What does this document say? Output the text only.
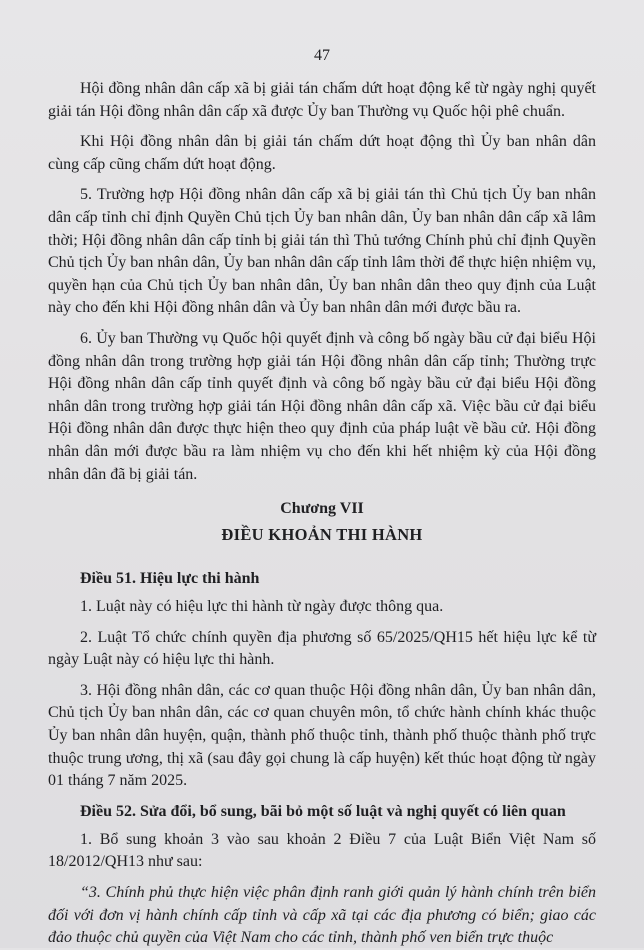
47

Hội đồng nhân dân cấp xã bị giải tán chấm dứt hoạt động kể từ ngày nghị quyết giải tán Hội đồng nhân dân cấp xã được Ủy ban Thường vụ Quốc hội phê chuẩn.

Khi Hội đồng nhân dân bị giải tán chấm dứt hoạt động thì Ủy ban nhân dân cùng cấp cũng chấm dứt hoạt động.

5. Trường hợp Hội đồng nhân dân cấp xã bị giải tán thì Chủ tịch Ủy ban nhân dân cấp tỉnh chỉ định Quyền Chủ tịch Ủy ban nhân dân, Ủy ban nhân dân cấp xã lâm thời; Hội đồng nhân dân cấp tỉnh bị giải tán thì Thủ tướng Chính phủ chỉ định Quyền Chủ tịch Ủy ban nhân dân, Ủy ban nhân dân cấp tỉnh lâm thời để thực hiện nhiệm vụ, quyền hạn của Chủ tịch Ủy ban nhân dân, Ủy ban nhân dân theo quy định của Luật này cho đến khi Hội đồng nhân dân và Ủy ban nhân dân mới được bầu ra.

6. Ủy ban Thường vụ Quốc hội quyết định và công bố ngày bầu cử đại biểu Hội đồng nhân dân trong trường hợp giải tán Hội đồng nhân dân cấp tỉnh; Thường trực Hội đồng nhân dân cấp tỉnh quyết định và công bố ngày bầu cử đại biểu Hội đồng nhân dân trong trường hợp giải tán Hội đồng nhân dân cấp xã. Việc bầu cử đại biểu Hội đồng nhân dân được thực hiện theo quy định của pháp luật về bầu cử. Hội đồng nhân dân mới được bầu ra làm nhiệm vụ cho đến khi hết nhiệm kỳ của Hội đồng nhân dân đã bị giải tán.

Chương VII
ĐIỀU KHOẢN THI HÀNH

Điều 51. Hiệu lực thi hành

1. Luật này có hiệu lực thi hành từ ngày được thông qua.

2. Luật Tổ chức chính quyền địa phương số 65/2025/QH15 hết hiệu lực kể từ ngày Luật này có hiệu lực thi hành.

3. Hội đồng nhân dân, các cơ quan thuộc Hội đồng nhân dân, Ủy ban nhân dân, Chủ tịch Ủy ban nhân dân, các cơ quan chuyên môn, tổ chức hành chính khác thuộc Ủy ban nhân dân huyện, quận, thành phố thuộc tỉnh, thành phố thuộc thành phố trực thuộc trung ương, thị xã (sau đây gọi chung là cấp huyện) kết thúc hoạt động từ ngày 01 tháng 7 năm 2025.

Điều 52. Sửa đổi, bổ sung, bãi bỏ một số luật và nghị quyết có liên quan

1. Bổ sung khoản 3 vào sau khoản 2 Điều 7 của Luật Biển Việt Nam số 18/2012/QH13 như sau:

“3. Chính phủ thực hiện việc phân định ranh giới quản lý hành chính trên biển đối với đơn vị hành chính cấp tỉnh và cấp xã tại các địa phương có biển; giao các đảo thuộc chủ quyền của Việt Nam cho các tỉnh, thành phố ven biển trực thuộc
